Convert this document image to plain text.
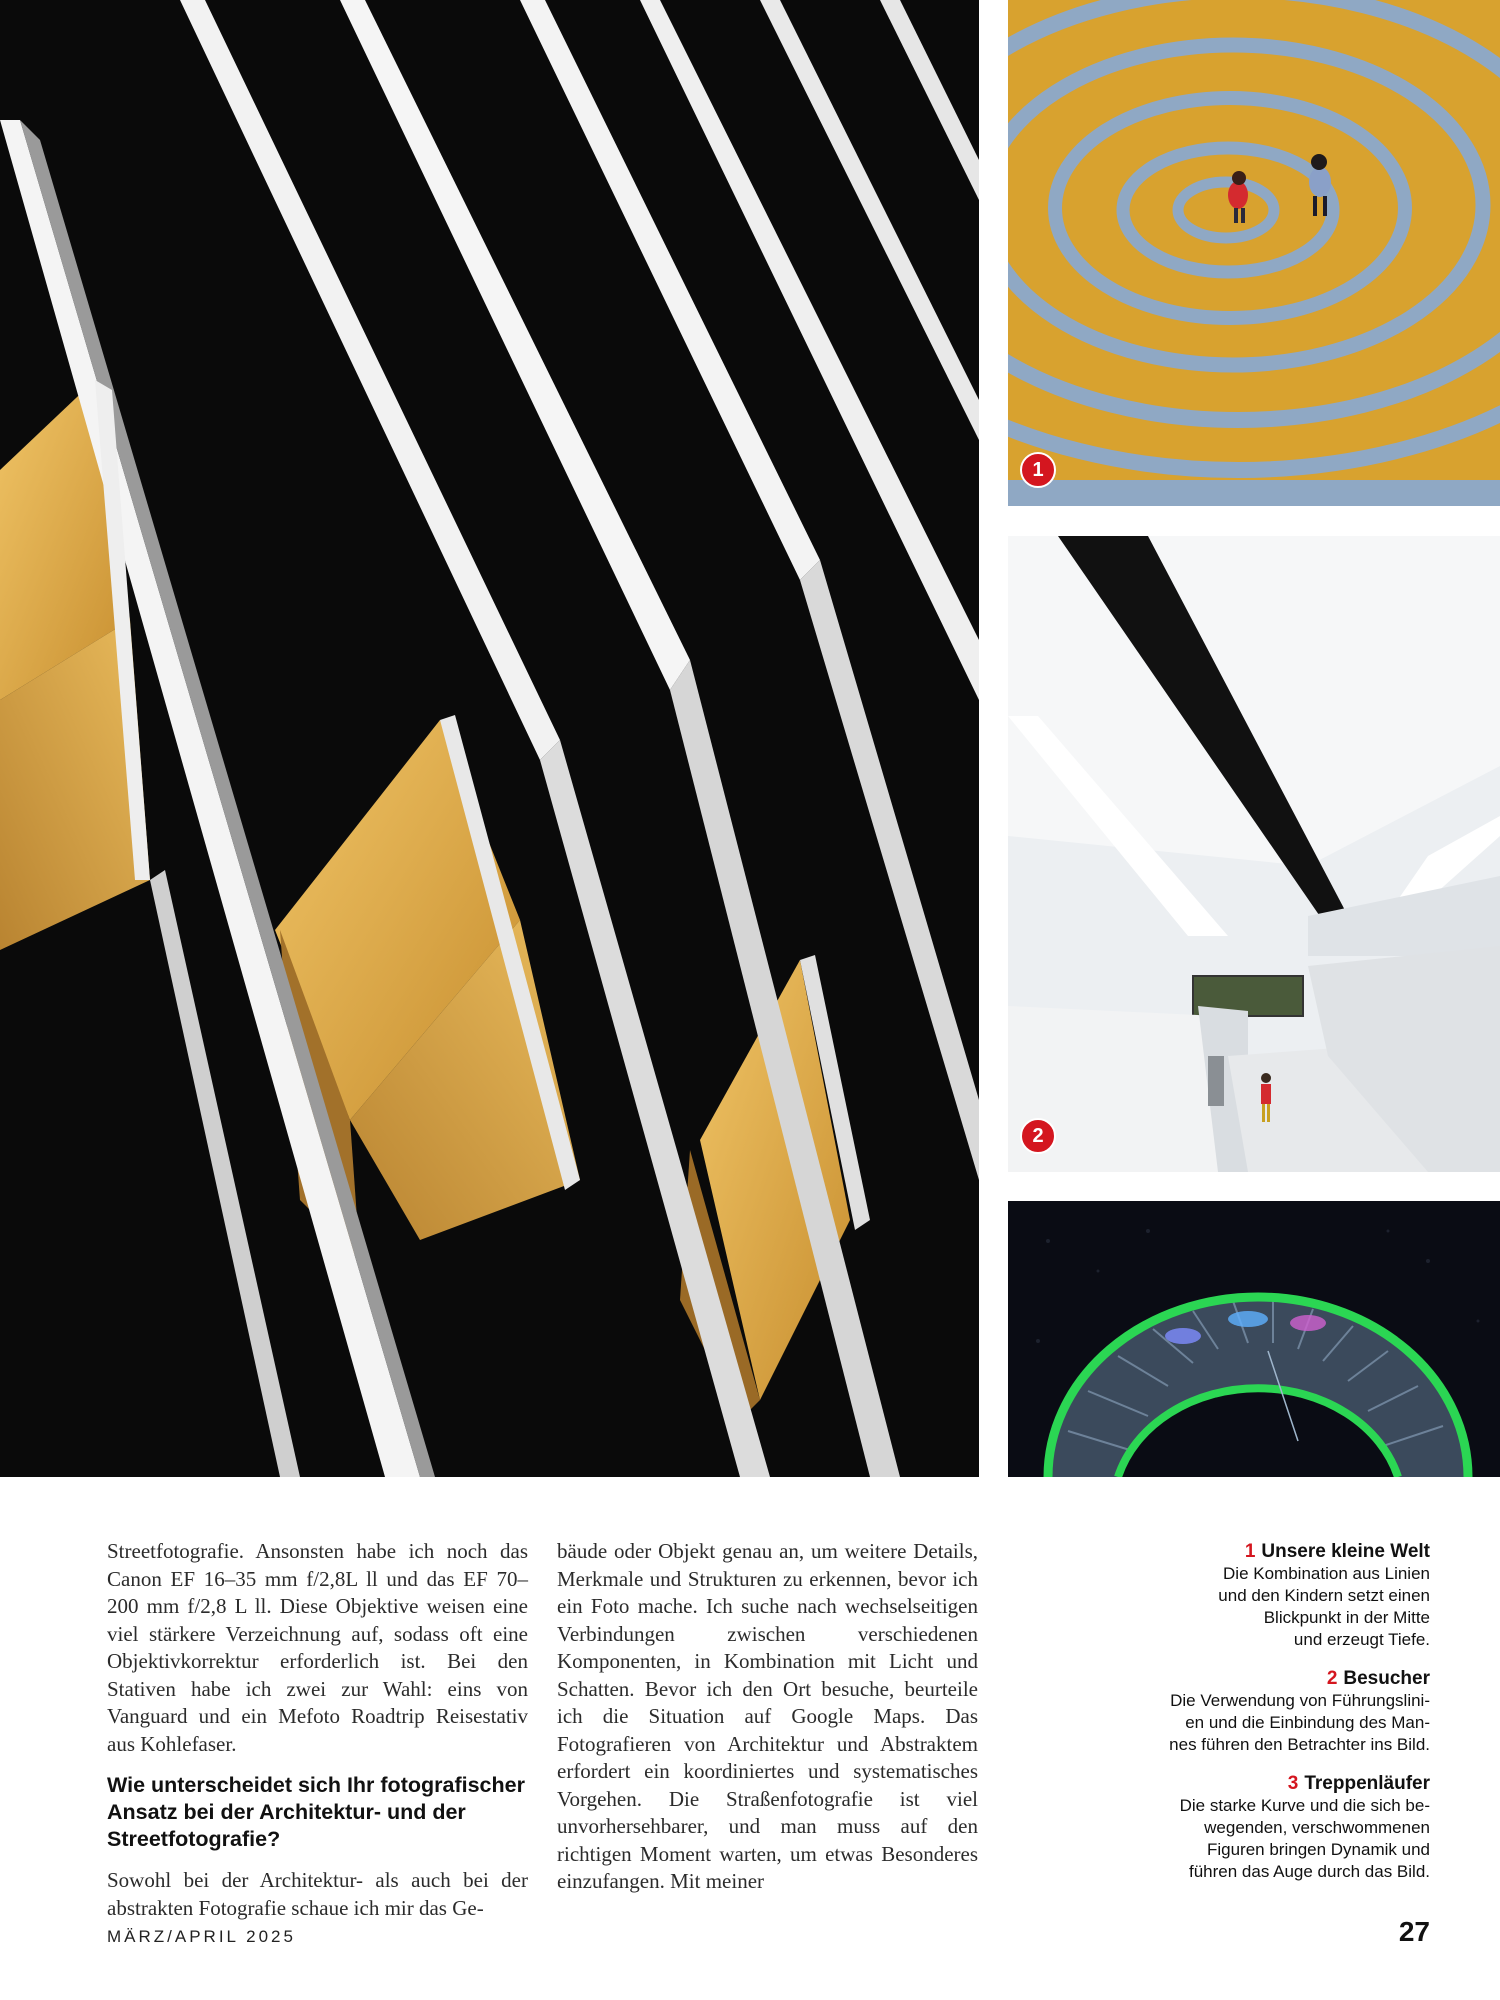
1
2

Streetfotografie. Ansonsten habe ich noch das Canon EF 16–35 mm f/2,8L ll und das EF 70–200 mm f/2,8 L ll. Diese Objektive weisen eine viel stärkere Verzeichnung auf, sodass oft eine Objektivkorrektur erforderlich ist. Bei den Stativen habe ich zwei zur Wahl: eins von Vanguard und ein Mefoto Roadtrip Reisestativ aus Kohlefaser.

Wie unterscheidet sich Ihr fotografischer Ansatz bei der Architektur- und der Streetfotografie?

Sowohl bei der Architektur- als auch bei der abstrakten Fotografie schaue ich mir das Ge-

bäude oder Objekt genau an, um weitere Details, Merkmale und Strukturen zu erkennen, bevor ich ein Foto mache. Ich suche nach wechselseitigen Verbindungen zwischen verschiedenen Komponenten, in Kombination mit Licht und Schatten. Bevor ich den Ort besuche, beurteile ich die Situation auf Google Maps. Das Fotografieren von Architektur und Abstraktem erfordert ein koordiniertes und systematisches Vorgehen. Die Straßenfotografie ist viel unvorhersehbarer, und man muss auf den richtigen Moment warten, um etwas Besonderes einzufangen. Mit meiner

1 Unsere kleine Welt
Die Kombination aus Linien
und den Kindern setzt einen
Blickpunkt in der Mitte
und erzeugt Tiefe.
2 Besucher
Die Verwendung von Führungslini-
en und die Einbindung des Man-
nes führen den Betrachter ins Bild.
3 Treppenläufer
Die starke Kurve und die sich be-
wegenden, verschwommenen
Figuren bringen Dynamik und
führen das Auge durch das Bild.
MÄRZ/APRIL 2025	27
